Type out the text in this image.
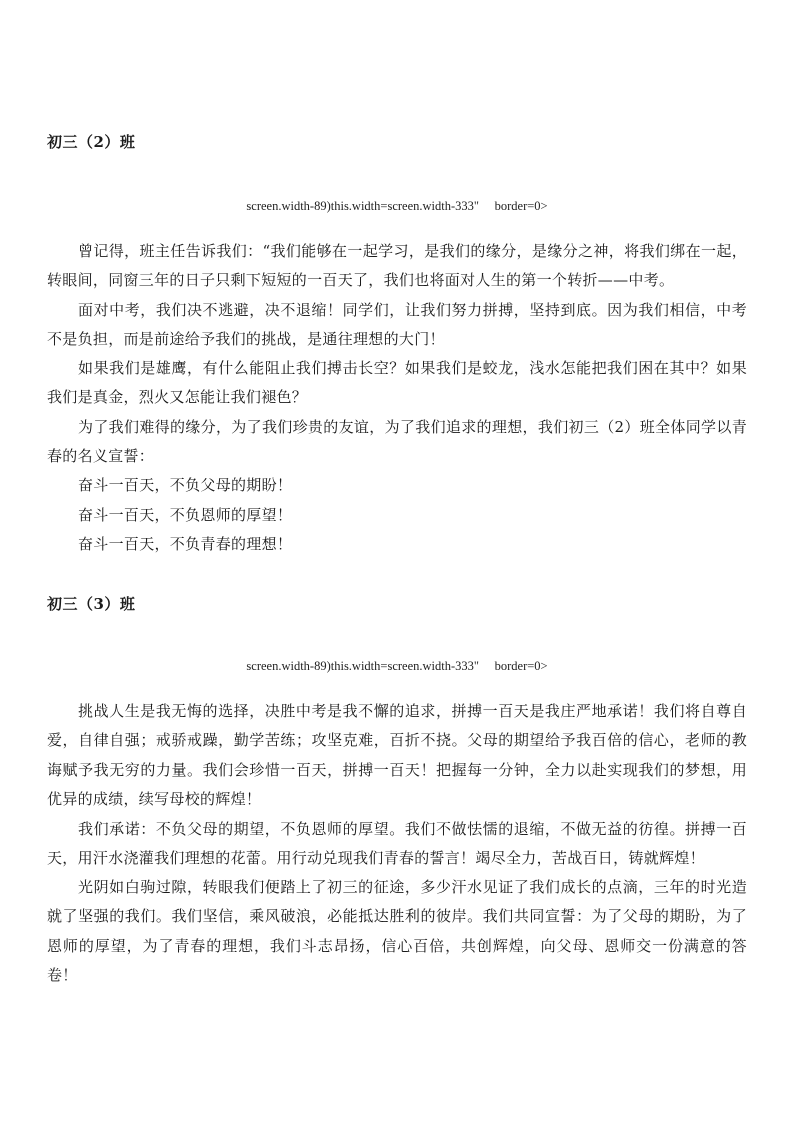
初三（2）班
screen.width-89)this.width=screen.width-333"     border=0>

曾记得，班主任告诉我们：“我们能够在一起学习，是我们的缘分，是缘分之神，将我们绑在一起，转眼间，同窗三年的日子只剩下短短的一百天了，我们也将面对人生的第一个转折——中考。

面对中考，我们决不逃避，决不退缩！同学们，让我们努力拼搏，坚持到底。因为我们相信，中考不是负担，而是前途给予我们的挑战，是通往理想的大门！

如果我们是雄鹰，有什么能阻止我们搏击长空？如果我们是蛟龙，浅水怎能把我们困在其中？如果我们是真金，烈火又怎能让我们褪色？

为了我们难得的缘分，为了我们珍贵的友谊，为了我们追求的理想，我们初三（2）班全体同学以青春的名义宣誓：

奋斗一百天，不负父母的期盼！

奋斗一百天，不负恩师的厚望！

奋斗一百天，不负青春的理想！

初三（3）班
screen.width-89)this.width=screen.width-333"     border=0>

挑战人生是我无悔的选择，决胜中考是我不懈的追求，拼搏一百天是我庄严地承诺！我们将自尊自爱，自律自强；戒骄戒躁，勤学苦练；攻坚克难，百折不挠。父母的期望给予我百倍的信心，老师的教诲赋予我无穷的力量。我们会珍惜一百天，拼搏一百天！把握每一分钟，全力以赴实现我们的梦想，用优异的成绩，续写母校的辉煌！

我们承诺：不负父母的期望，不负恩师的厚望。我们不做怯懦的退缩，不做无益的彷徨。拼搏一百天，用汗水浇灌我们理想的花蕾。用行动兑现我们青春的誓言！竭尽全力，苦战百日，铸就辉煌！

光阴如白驹过隙，转眼我们便踏上了初三的征途，多少汗水见证了我们成长的点滴，三年的时光造就了坚强的我们。我们坚信，乘风破浪，必能抵达胜利的彼岸。我们共同宣誓：为了父母的期盼，为了恩师的厚望，为了青春的理想，我们斗志昂扬，信心百倍，共创辉煌，向父母、恩师交一份满意的答卷！
